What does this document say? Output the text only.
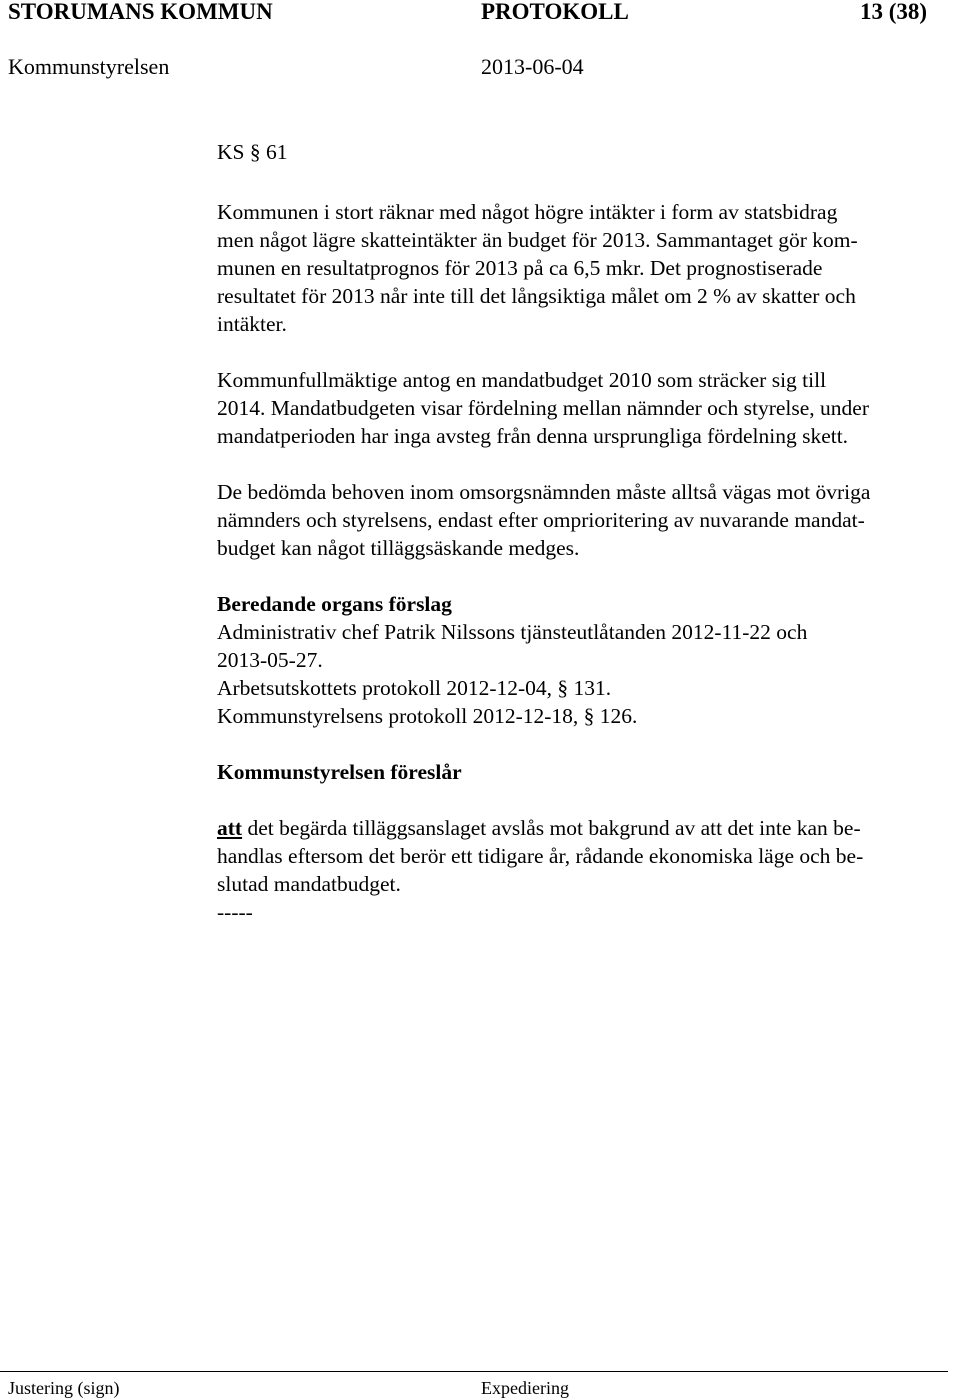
STORUMANS KOMMUN	PROTOKOLL	13 (38)
Kommunstyrelsen	2013-06-04

KS § 61

Kommunen i stort räknar med något högre intäkter i form av statsbidrag
men något lägre skatteintäkter än budget för 2013. Sammantaget gör kom-
munen en resultatprognos för 2013 på ca 6,5 mkr. Det prognostiserade
resultatet för 2013 når inte till det långsiktiga målet om 2 % av skatter och
intäkter.

Kommunfullmäktige antog en mandatbudget 2010 som sträcker sig till
2014. Mandatbudgeten visar fördelning mellan nämnder och styrelse, under
mandatperioden har inga avsteg från denna ursprungliga fördelning skett.

De bedömda behoven inom omsorgsnämnden måste alltså vägas mot övriga
nämnders och styrelsens, endast efter omprioritering av nuvarande mandat-
budget kan något tilläggsäskande medges.

Beredande organs förslag

Administrativ chef Patrik Nilssons tjänsteutlåtanden 2012-11-22 och
2013-05-27.
Arbetsutskottets protokoll 2012-12-04, § 131.
Kommunstyrelsens protokoll 2012-12-18, § 126.

Kommunstyrelsen föreslår

att det begärda tilläggsanslaget avslås mot bakgrund av att det inte kan be-
handlas eftersom det berör ett tidigare år, rådande ekonomiska läge och be-
slutad mandatbudget.
-----

Justering (sign)	Expediering
